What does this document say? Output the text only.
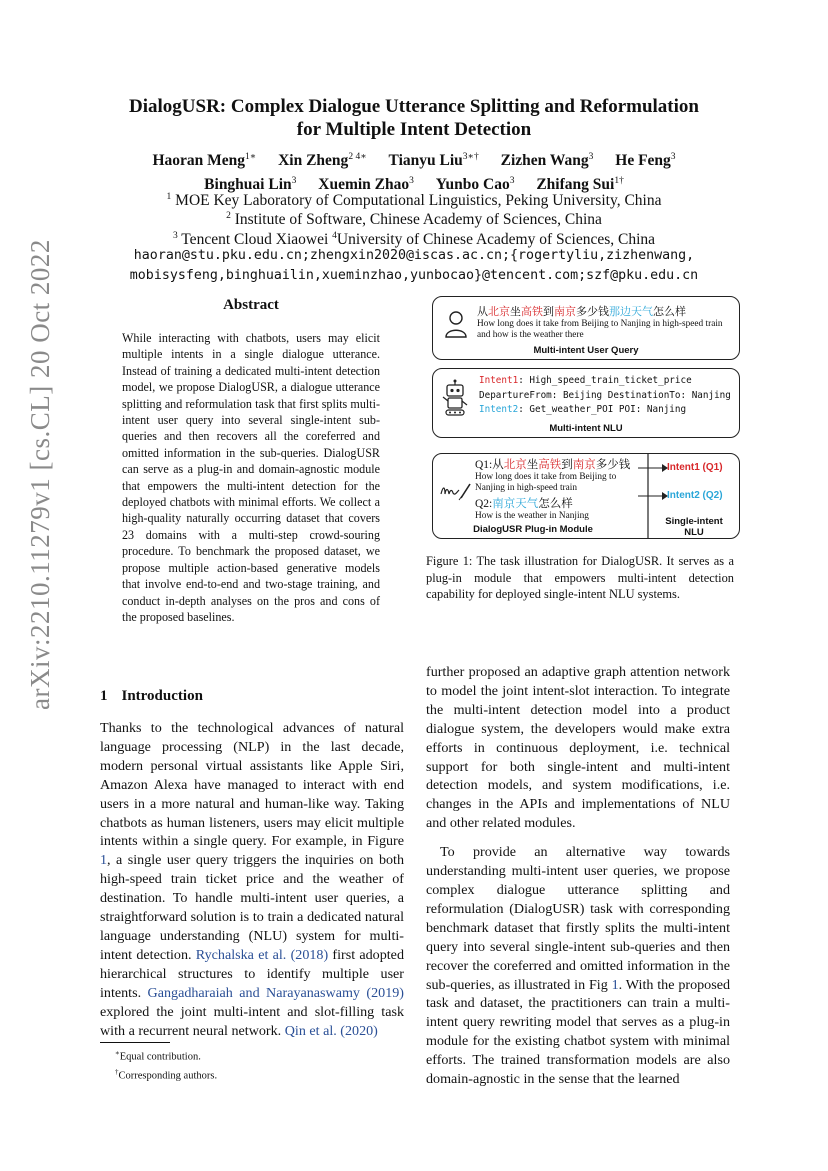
arXiv:2210.11279v1 [cs.CL] 20 Oct 2022
DialogUSR: Complex Dialogue Utterance Splitting and Reformulation
for Multiple Intent Detection
Haoran Meng$^{1∗}$ Xin Zheng$^{2 4∗}$ Tianyu Liu$^{3∗\dagger}$ Zizhen Wang$^3$ He Feng$^3$
Binghuai Lin$^3$ Xuemin Zhao$^3$ Yunbo Cao$^3$ Zhifang Sui$^{1\dagger}$
$^1$ MOE Key Laboratory of Computational Linguistics, Peking University, China
$^2$ Institute of Software, Chinese Academy of Sciences, China
$^3$ Tencent Cloud Xiaowei $^4$University of Chinese Academy of Sciences, China
haoran@stu.pku.edu.cn;zhengxin2020@iscas.ac.cn;{rogertyliu,zizhenwang,
mobisysfeng,binghuailin,xueminzhao,yunbocao}@tencent.com;szf@pku.edu.cn
Abstract
While interacting with chatbots, users may elicit multiple intents in a single dialogue utterance. Instead of training a dedicated multi-intent detection model, we propose DialogUSR, a dialogue utterance splitting and reformulation task that first splits multi-intent user query into several single-intent sub-queries and then recovers all the coreferred and omitted information in the sub-queries. DialogUSR can serve as a plug-in and domain-agnostic module that empowers the multi-intent detection for the deployed chatbots with minimal efforts. We collect a high-quality naturally occurring dataset that covers 23 domains with a multi-step crowd-souring procedure. To benchmark the proposed dataset, we propose multiple action-based generative models that involve end-to-end and two-stage training, and conduct in-depth analyses on the pros and cons of the proposed baselines.
1 Introduction

Thanks to the technological advances of natural language processing (NLP) in the last decade, modern personal virtual assistants like Apple Siri, Amazon Alexa have managed to interact with end users in a more natural and human-like way. Taking chatbots as human listeners, users may elicit multiple intents within a single query. For example, in Figure 1, a single user query triggers the inquiries on both high-speed train ticket price and the weather of destination. To handle multi-intent user queries, a straightforward solution is to train a dedicated natural language understanding (NLU) system for multi-intent detection. Rychalska et al. (2018) first adopted hierarchical structures to identify multiple user intents. Gangadharaiah and Narayanaswamy (2019) explored the joint multi-intent and slot-filling task with a recurrent neural network. Qin et al. (2020)

∗Equal contribution.
†Corresponding authors.

further proposed an adaptive graph attention network to model the joint intent-slot interaction. To integrate the multi-intent detection model into a product dialogue system, the developers would make extra efforts in continuous deployment, i.e. technical support for both single-intent and multi-intent detection models, and system modifications, i.e. changes in the APIs and implementations of NLU and other related modules.

To provide an alternative way towards understanding multi-intent user queries, we propose complex dialogue utterance splitting and reformulation (DialogUSR) task with corresponding benchmark dataset that firstly splits the multi-intent query into several single-intent sub-queries and then recover the coreferred and omitted information in the sub-queries, as illustrated in Fig 1. With the proposed task and dataset, the practitioners can train a multi-intent query rewriting model that serves as a plug-in module for the existing chatbot system with minimal efforts. The trained transformation models are also domain-agnostic in the sense that the learned

从北京坐高铁到南京多少钱那边天气怎么样
How long does it take from Beijing to Nanjing in high-speed train and how is the weather there
Multi-intent User Query
Intent1: High_speed_train_ticket_price
DepartureFrom: Beijing DestinationTo: Nanjing
Intent2: Get_weather_POI POI: Nanjing
Multi-intent NLU
Q1:从北京坐高铁到南京多少钱
How long does it take from Beijing to Nanjing in high-speed train
Q2:南京天气怎么样
How is the weather in Nanjing
DialogUSR Plug-in Module
Intent1 (Q1)
Intent2 (Q2)
Single-intent
NLU
Figure 1: The task illustration for DialogUSR. It serves as a plug-in module that empowers multi-intent detection capability for deployed single-intent NLU systems.
